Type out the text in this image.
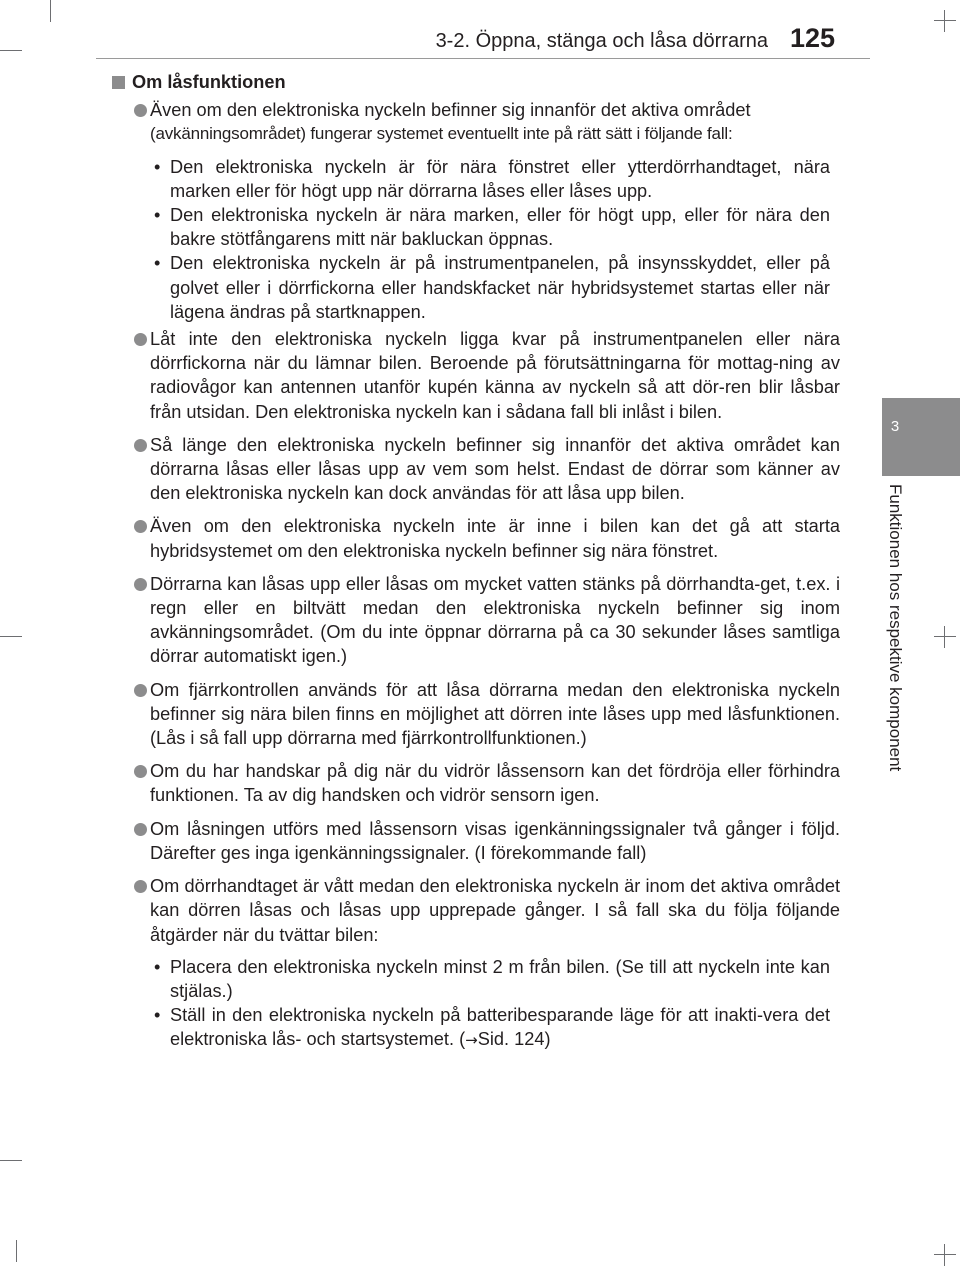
3-2. Öppna, stänga och låsa dörrarna 125
3
Funktionen hos respektive komponent
Om låsfunktionen
Även om den elektroniska nyckeln befinner sig innanför det aktiva området
(avkänningsområdet) fungerar systemet eventuellt inte på rätt sätt i följande fall:
• Den elektroniska nyckeln är för nära fönstret eller ytterdörrhandtaget, nära marken eller för högt upp när dörrarna låses eller låses upp.
• Den elektroniska nyckeln är nära marken, eller för högt upp, eller för nära den bakre stötfångarens mitt när bakluckan öppnas.
• Den elektroniska nyckeln är på instrumentpanelen, på insynsskyddet, eller på golvet eller i dörrfickorna eller handskfacket när hybridsystemet startas eller när lägena ändras på startknappen.
Låt inte den elektroniska nyckeln ligga kvar på instrumentpanelen eller nära dörrfickorna när du lämnar bilen. Beroende på förutsättningarna för mottag-ning av radiovågor kan antennen utanför kupén känna av nyckeln så att dör-ren blir låsbar från utsidan. Den elektroniska nyckeln kan i sådana fall bli inlåst i bilen.
Så länge den elektroniska nyckeln befinner sig innanför det aktiva området kan dörrarna låsas eller låsas upp av vem som helst. Endast de dörrar som känner av den elektroniska nyckeln kan dock användas för att låsa upp bilen.
Även om den elektroniska nyckeln inte är inne i bilen kan det gå att starta hybridsystemet om den elektroniska nyckeln befinner sig nära fönstret.
Dörrarna kan låsas upp eller låsas om mycket vatten stänks på dörrhandta-get, t.ex. i regn eller en biltvätt medan den elektroniska nyckeln befinner sig inom avkänningsområdet. (Om du inte öppnar dörrarna på ca 30 sekunder låses samtliga dörrar automatiskt igen.)
Om fjärrkontrollen används för att låsa dörrarna medan den elektroniska nyckeln befinner sig nära bilen finns en möjlighet att dörren inte låses upp med låsfunktionen. (Lås i så fall upp dörrarna med fjärrkontrollfunktionen.)
Om du har handskar på dig när du vidrör låssensorn kan det fördröja eller förhindra funktionen. Ta av dig handsken och vidrör sensorn igen.
Om låsningen utförs med låssensorn visas igenkänningssignaler två gånger i följd. Därefter ges inga igenkänningssignaler. (I förekommande fall)
Om dörrhandtaget är vått medan den elektroniska nyckeln är inom det aktiva området kan dörren låsas och låsas upp upprepade gånger. I så fall ska du följa följande åtgärder när du tvättar bilen:
• Placera den elektroniska nyckeln minst 2 m från bilen. (Se till att nyckeln inte kan stjälas.)
• Ställ in den elektroniska nyckeln på batteribesparande läge för att inakti-vera det elektroniska lås- och startsystemet. (→Sid. 124)
